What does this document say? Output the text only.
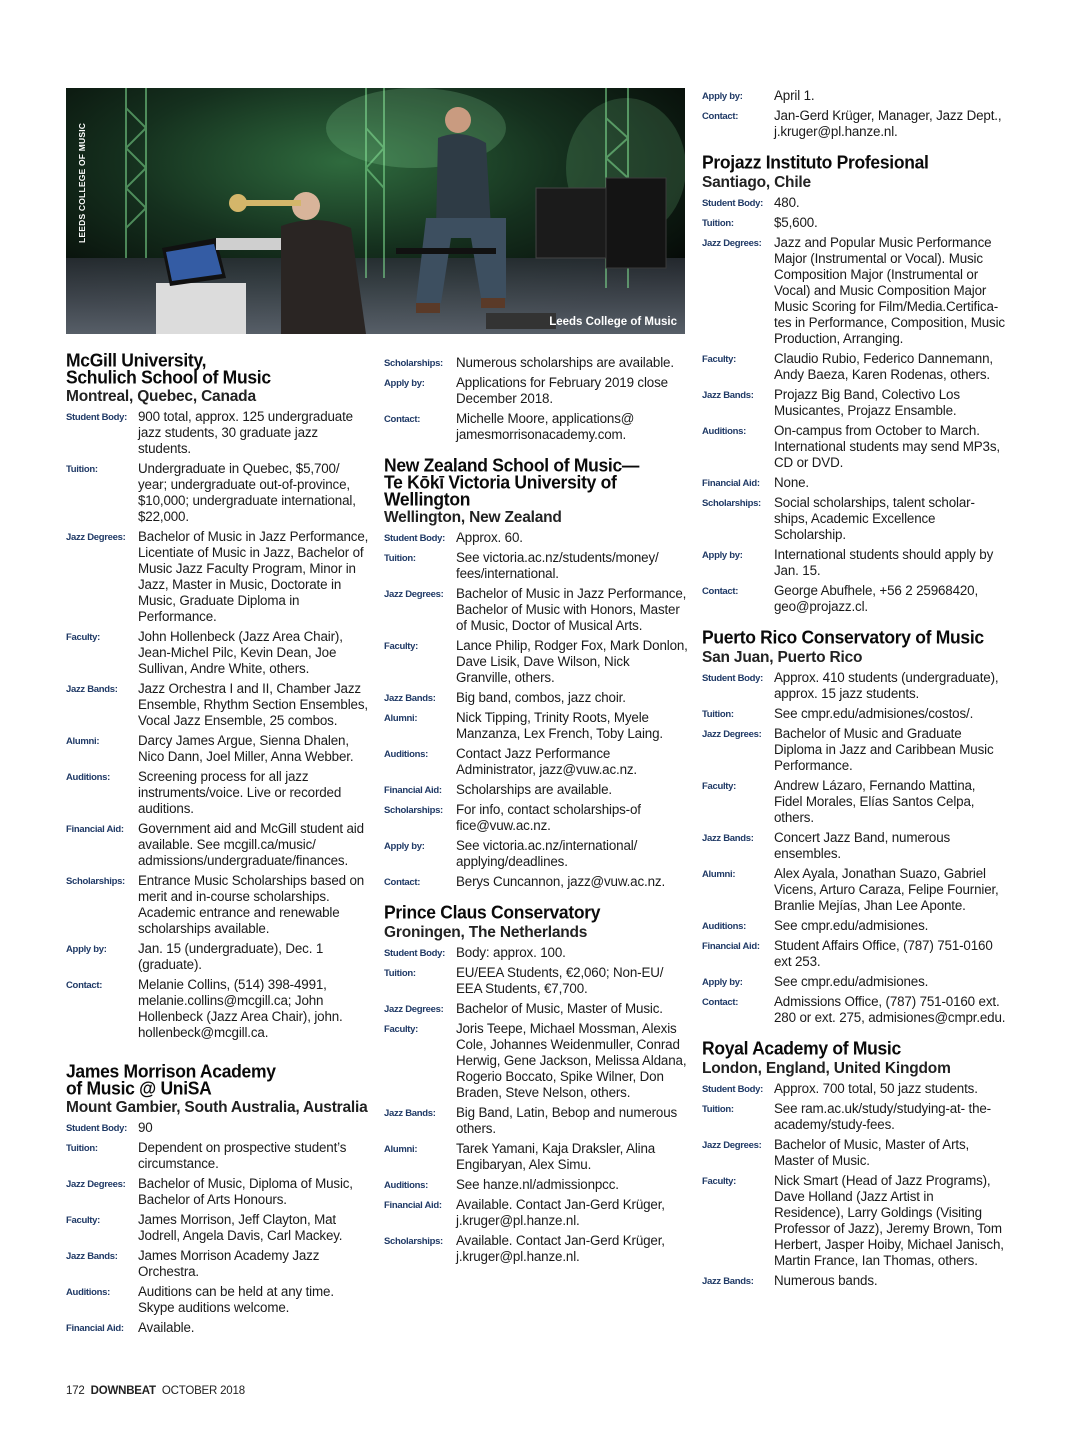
LEEDS COLLEGE OF MUSIC
Leeds College of Music
McGill University,
Schulich School of Music
Montreal, Quebec, Canada
Student Body: 900 total, approx. 125 undergraduate jazz students, 30 graduate jazz students.
Tuition:	Undergraduate in Quebec, $5,700/ year; undergraduate out-of-province, $10,000; undergraduate international, $22,000.
Jazz Degrees: Bachelor of Music in Jazz Performance, Licentiate of Music in Jazz, Bachelor of Music Jazz Faculty Program, Minor in Jazz, Master in Music, Doctorate in Music, Graduate Diploma in Performance.
Faculty:	John Hollenbeck (Jazz Area Chair), Jean-Michel Pilc, Kevin Dean, Joe Sullivan, Andre White, others.
Jazz Bands:	Jazz Orchestra I and II, Chamber Jazz Ensemble, Rhythm Section Ensembles, Vocal Jazz Ensemble, 25 combos.
Alumni:	Darcy James Argue, Sienna Dhalen, Nico Dann, Joel Miller, Anna Webber.
Auditions:	Screening process for all jazz instruments/voice. Live or recorded auditions.
Financial Aid:	Government aid and McGill student aid available. See mcgill.ca/music/ admissions/undergraduate/finances.
Scholarships: Entrance Music Scholarships based on merit and in-course scholarships. Academic entrance and renewable scholarships available.
Apply by:	Jan. 15 (undergraduate), Dec. 1 (graduate).
Contact:	Melanie Collins, (514) 398-4991, melanie.collins@mcgill.ca; John Hollenbeck (Jazz Area Chair), john. hollenbeck@mcgill.ca.
James Morrison Academy
of Music @ UniSA
Mount Gambier, South Australia, Australia
Student Body: 90
Tuition:	Dependent on prospective student’s circumstance.
Jazz Degrees: Bachelor of Music, Diploma of Music, Bachelor of Arts Honours.
Faculty:	James Morrison, Jeff Clayton, Mat Jodrell, Angela Davis, Carl Mackey.
Jazz Bands:	James Morrison Academy Jazz Orchestra.
Auditions:	Auditions can be held at any time. Skype auditions welcome.
Financial Aid:	Available.
Scholarships: Numerous scholarships are available.
Apply by:	Applications for February 2019 close December 2018.
Contact:	Michelle Moore, applications@ jamesmorrisonacademy.com.
New Zealand School of Music—
Te Kōkī Victoria University of
Wellington
Wellington, New Zealand
Student Body: Approx. 60.
Tuition:	See victoria.ac.nz/students/money/ fees/international.
Jazz Degrees: Bachelor of Music in Jazz Performance, Bachelor of Music with Honors, Master of Music, Doctor of Musical Arts.
Faculty:	Lance Philip, Rodger Fox, Mark Donlon, Dave Lisik, Dave Wilson, Nick Granville, others.
Jazz Bands:	Big band, combos, jazz choir.
Alumni:	Nick Tipping, Trinity Roots, Myele Manzanza, Lex French, Toby Laing.
Auditions:	Contact Jazz Performance Administrator, jazz@vuw.ac.nz.
Financial Aid:	Scholarships are available.
Scholarships: For info, contact scholarships-of fice@vuw.ac.nz.
Apply by:	See victoria.ac.nz/international/ applying/deadlines.
Contact:	Berys Cuncannon, jazz@vuw.ac.nz.
Prince Claus Conservatory
Groningen, The Netherlands
Student Body: Body: approx. 100.
Tuition:	EU/EEA Students, €2,060; Non-EU/ EEA Students, €7,700.
Jazz Degrees: Bachelor of Music, Master of Music.
Faculty:	Joris Teepe, Michael Mossman, Alexis Cole, Johannes Weidenmuller, Conrad Herwig, Gene Jackson, Melissa Aldana, Rogerio Boccato, Spike Wilner, Don Braden, Steve Nelson, others.
Jazz Bands:	Big Band, Latin, Bebop and numerous others.
Alumni:	Tarek Yamani, Kaja Draksler, Alina Engibaryan, Alex Simu.
Auditions:	See hanze.nl/admissionpcc.
Financial Aid:	Available. Contact Jan-Gerd Krüger, j.kruger@pl.hanze.nl.
Scholarships: Available. Contact Jan-Gerd Krüger, j.kruger@pl.hanze.nl.
Apply by:	April 1.
Contact:	Jan-Gerd Krüger, Manager, Jazz Dept., j.kruger@pl.hanze.nl.
Projazz Instituto Profesional
Santiago, Chile
Student Body: 480.
Tuition:	$5,600.
Jazz Degrees: Jazz and Popular Music Performance Major (Instrumental or Vocal). Music Composition Major (Instrumental or Vocal) and Music Composition Major Music Scoring for Film/Media.Certifica- tes in Performance, Composition, Music Production, Arranging.
Faculty:	Claudio Rubio, Federico Dannemann, Andy Baeza, Karen Rodenas, others.
Jazz Bands:	Projazz Big Band, Colectivo Los Musicantes, Projazz Ensamble.
Auditions:	On-campus from October to March. International students may send MP3s, CD or DVD.
Financial Aid:	None.
Scholarships: Social scholarships, talent scholar- ships, Academic Excellence Scholarship.
Apply by:	International students should apply by Jan. 15.
Contact:	George Abufhele, +56 2 25968420, geo@projazz.cl.
Puerto Rico Conservatory of Music
San Juan, Puerto Rico
Student Body: Approx. 410 students (undergraduate), approx. 15 jazz students.
Tuition:	See cmpr.edu/admisiones/costos/.
Jazz Degrees: Bachelor of Music and Graduate Diploma in Jazz and Caribbean Music Performance.
Faculty:	Andrew Lázaro, Fernando Mattina, Fidel Morales, Elías Santos Celpa, others.
Jazz Bands:	Concert Jazz Band, numerous ensembles.
Alumni:	Alex Ayala, Jonathan Suazo, Gabriel Vicens, Arturo Caraza, Felipe Fournier, Branlie Mejías, Jhan Lee Aponte.
Auditions:	See cmpr.edu/admisiones.
Financial Aid:	Student Affairs Office, (787) 751-0160 ext 253.
Apply by:	See cmpr.edu/admisiones.
Contact:	Admissions Office, (787) 751-0160 ext. 280 or ext. 275, admisiones@cmpr.edu.
Royal Academy of Music
London, England, United Kingdom
Student Body: Approx. 700 total, 50 jazz students.
Tuition:	See ram.ac.uk/study/studying-at- the-academy/study-fees.
Jazz Degrees: Bachelor of Music, Master of Arts, Master of Music.
Faculty:	Nick Smart (Head of Jazz Programs), Dave Holland (Jazz Artist in Residence), Larry Goldings (Visiting Professor of Jazz), Jeremy Brown, Tom Herbert, Jasper Hoiby, Michael Janisch, Martin France, Ian Thomas, others.
Jazz Bands:	Numerous bands.
172 DOWNBEAT OCTOBER 2018
